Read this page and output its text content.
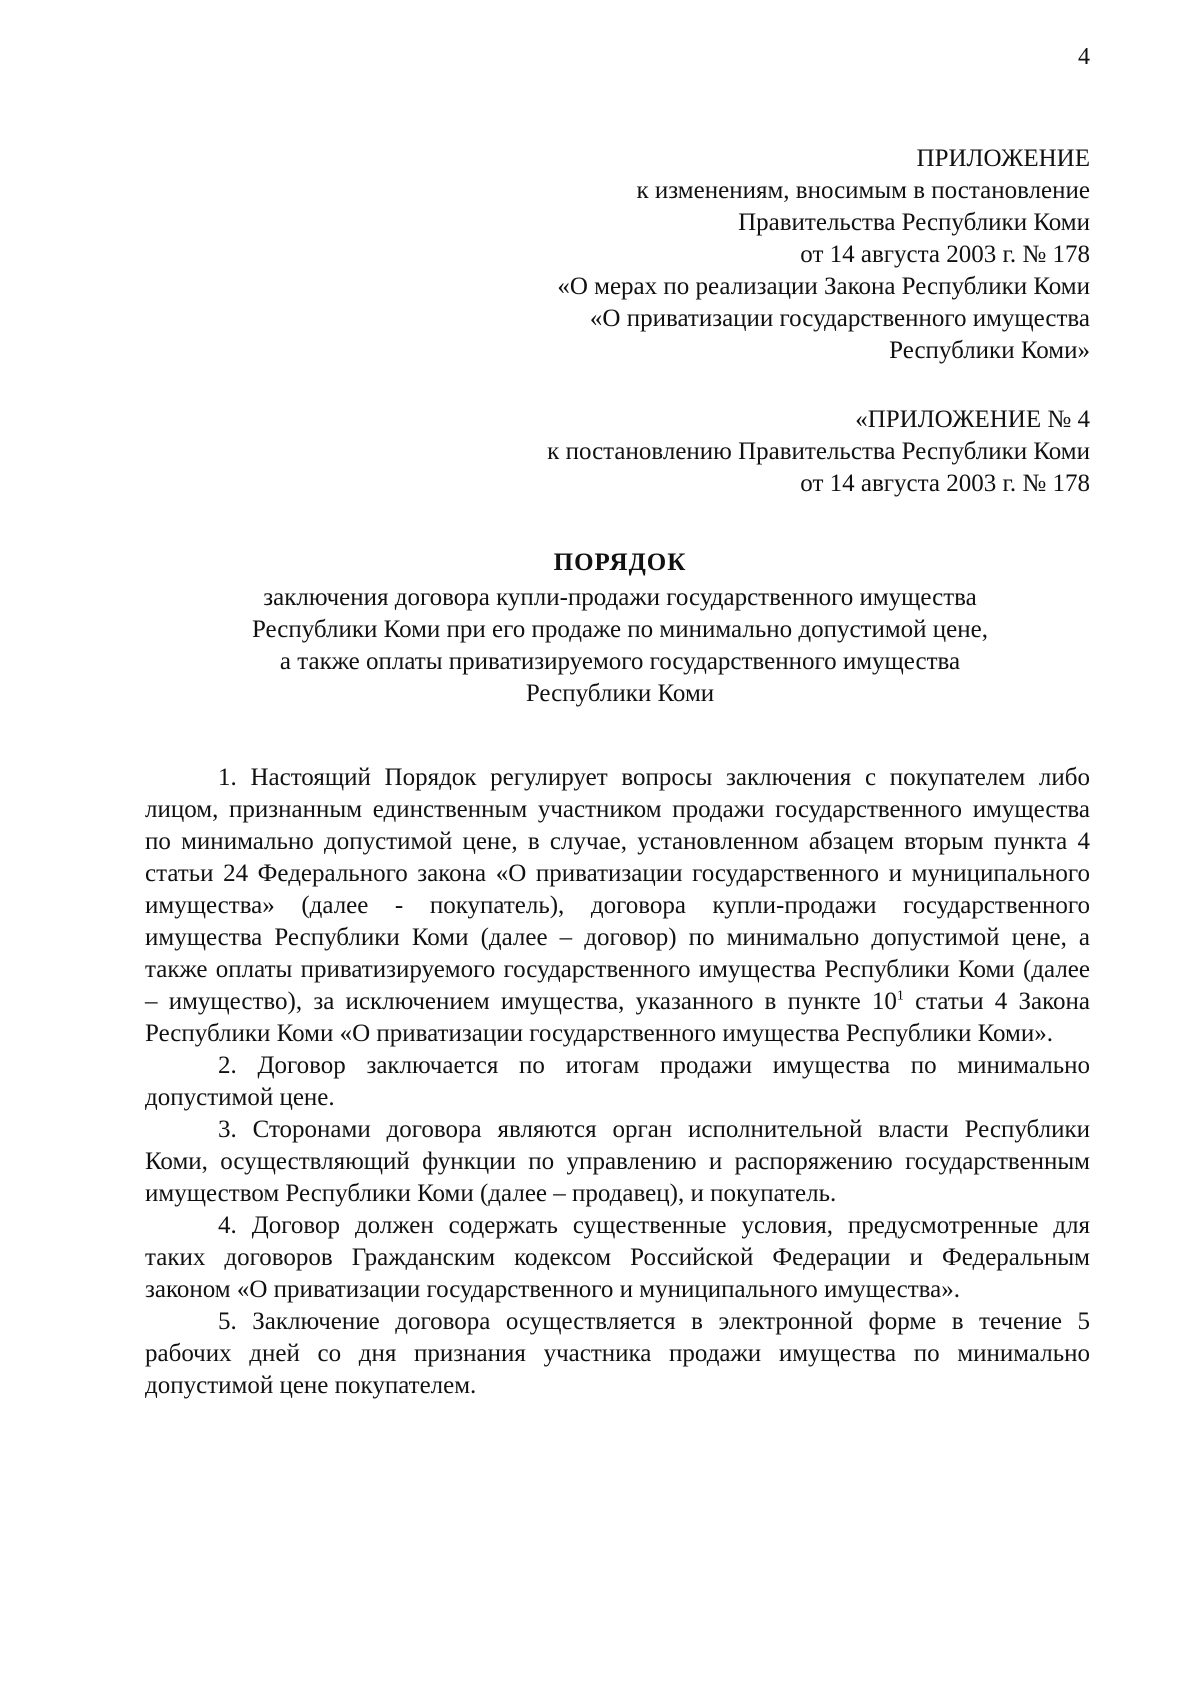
4
ПРИЛОЖЕНИЕ
к изменениям, вносимым в постановление
Правительства Республики Коми
от 14 августа 2003 г. № 178
«О мерах по реализации Закона Республики Коми
«О приватизации государственного имущества
Республики Коми»
«ПРИЛОЖЕНИЕ № 4
к постановлению Правительства Республики Коми
от 14 августа 2003 г. № 178
ПОРЯДОК
заключения договора купли-продажи государственного имущества
Республики Коми при его продаже по минимально допустимой цене,
а также оплаты приватизируемого государственного имущества
Республики Коми

1. Настоящий Порядок регулирует вопросы заключения с покупателем либо лицом, признанным единственным участником продажи государственного имущества по минимально допустимой цене, в случае, установленном абзацем вторым пункта 4 статьи 24 Федерального закона «О приватизации государственного и муниципального имущества» (далее - покупатель), договора купли-продажи государственного имущества Республики Коми (далее – договор) по минимально допустимой цене, а также оплаты приватизируемого государственного имущества Республики Коми (далее – имущество), за исключением имущества, указанного в пункте 10$^1$ статьи 4 Закона Республики Коми «О приватизации государственного имущества Республики Коми».

2. Договор заключается по итогам продажи имущества по минимально допустимой цене.

3. Сторонами договора являются орган исполнительной власти Республики Коми, осуществляющий функции по управлению и распоряжению государственным имуществом Республики Коми (далее – продавец), и покупатель.

4. Договор должен содержать существенные условия, предусмотренные для таких договоров Гражданским кодексом Российской Федерации и Федеральным законом «О приватизации государственного и муниципального имущества».

5. Заключение договора осуществляется в электронной форме в течение 5 рабочих дней со дня признания участника продажи имущества по минимально допустимой цене покупателем.
